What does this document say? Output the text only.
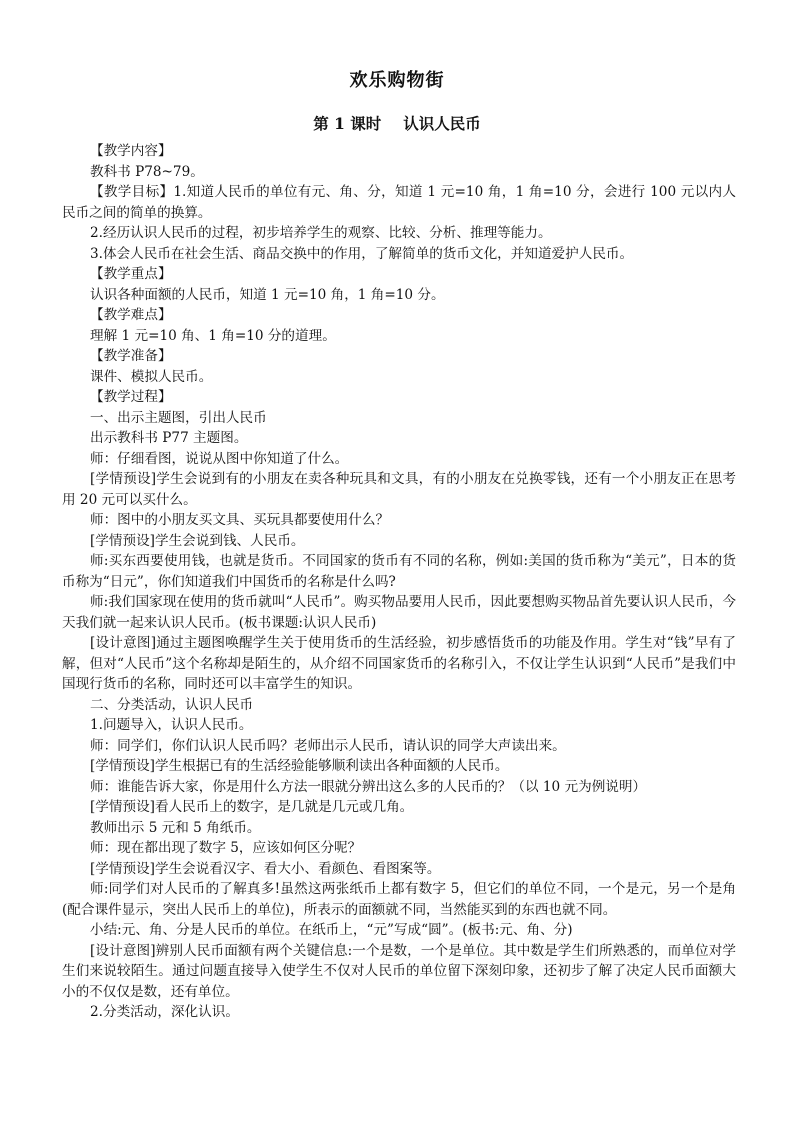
欢乐购物街
第 1 课时 认识人民币

【教学内容】

教科书 P78~79。

【教学目标】1.知道人民币的单位有元、角、分，知道 1 元=10 角，1 角=10 分，会进行 100 元以内人民币之间的简单的换算。

2.经历认识人民币的过程，初步培养学生的观察、比较、分析、推理等能力。

3.体会人民币在社会生活、商品交换中的作用，了解简单的货币文化，并知道爱护人民币。

【教学重点】

认识各种面额的人民币，知道 1 元=10 角，1 角=10 分。

【教学难点】

理解 1 元=10 角、1 角=10 分的道理。

【教学准备】

课件、模拟人民币。

【教学过程】

一、出示主题图，引出人民币

出示教科书 P77 主题图。

师：仔细看图，说说从图中你知道了什么。

[学情预设]学生会说到有的小朋友在卖各种玩具和文具，有的小朋友在兑换零钱，还有一个小朋友正在思考用 20 元可以买什么。

师：图中的小朋友买文具、买玩具都要使用什么？

[学情预设]学生会说到钱、人民币。

师:买东西要使用钱，也就是货币。不同国家的货币有不同的名称，例如:美国的货币称为“美元”，日本的货币称为“日元”，你们知道我们中国货币的名称是什么吗?

师:我们国家现在使用的货币就叫“人民币”。购买物品要用人民币，因此要想购买物品首先要认识人民币，今天我们就一起来认识人民币。(板书课题:认识人民币)

[设计意图]通过主题图唤醒学生关于使用货币的生活经验，初步感悟货币的功能及作用。学生对“钱”早有了解，但对“人民币”这个名称却是陌生的，从介绍不同国家货币的名称引入，不仅让学生认识到“人民币”是我们中国现行货币的名称，同时还可以丰富学生的知识。

二、分类活动，认识人民币

1.问题导入，认识人民币。

师：同学们，你们认识人民币吗？老师出示人民币，请认识的同学大声读出来。

[学情预设]学生根据已有的生活经验能够顺利读出各种面额的人民币。

师：谁能告诉大家，你是用什么方法一眼就分辨出这么多的人民币的？（以 10 元为例说明）

[学情预设]看人民币上的数字，是几就是几元或几角。

教师出示 5 元和 5 角纸币。

师：现在都出现了数字 5，应该如何区分呢？

[学情预设]学生会说看汉字、看大小、看颜色、看图案等。

师:同学们对人民币的了解真多!虽然这两张纸币上都有数字 5，但它们的单位不同，一个是元，另一个是角(配合课件显示，突出人民币上的单位)，所表示的面额就不同，当然能买到的东西也就不同。

小结:元、角、分是人民币的单位。在纸币上，“元”写成“圆”。(板书:元、角、分)

[设计意图]辨别人民币面额有两个关键信息:一个是数，一个是单位。其中数是学生们所熟悉的，而单位对学生们来说较陌生。通过问题直接导入使学生不仅对人民币的单位留下深刻印象，还初步了解了决定人民币面额大小的不仅仅是数，还有单位。

2.分类活动，深化认识。
